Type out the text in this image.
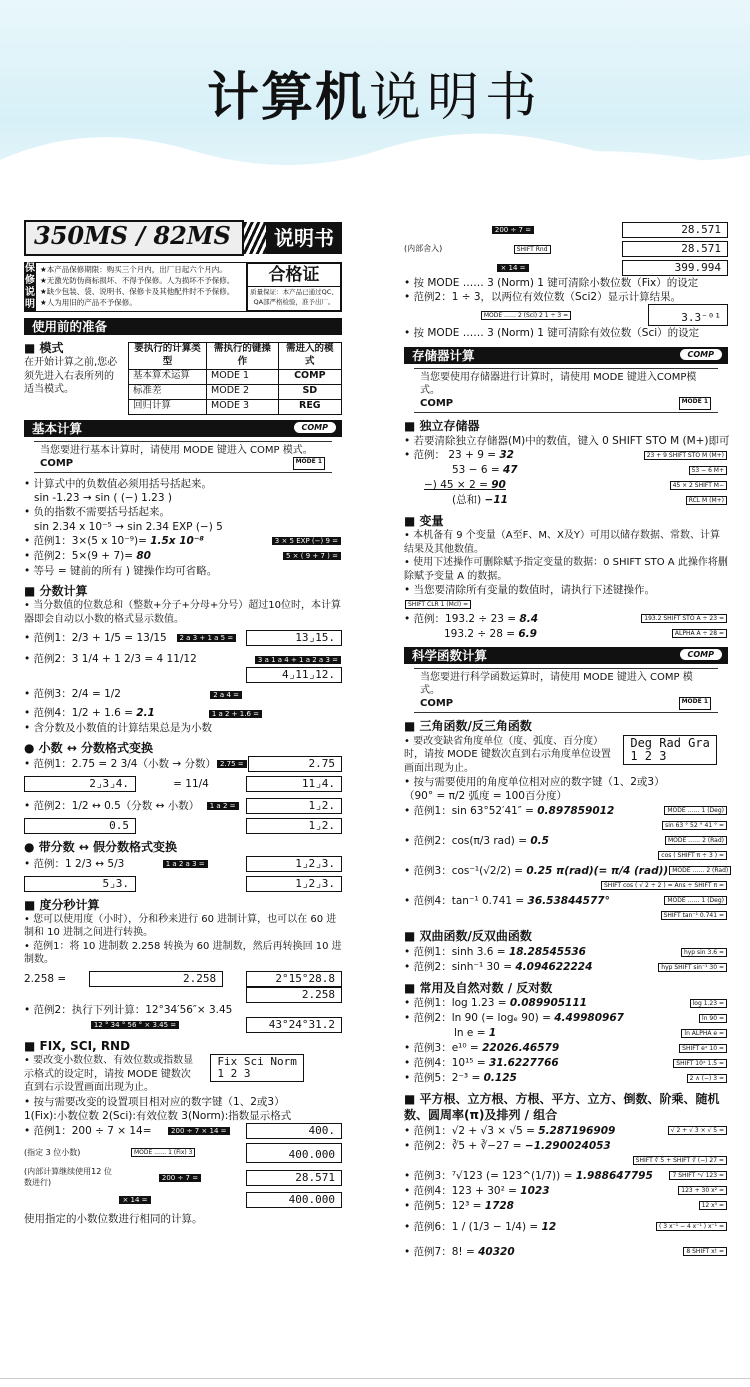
计算机说明书
350MS / 82MS	说明书
保修说明
★本产品保修期限：购买三个月内，出厂日起六个月内。
★无激光防伪商标损坏、不得予保修。人为损坏不予保修。
★缺少包装、袋、说明书、保修卡及其他配件时不予保修。
★人为用旧的产品不予保修。
合格证
质量保证：本产品已通过QC、QA部严格检验，准予出厂。
使用前的准备
■ 模式
在开始计算之前,您必须先进入右表所列的适当模式。
要执行的计算类型	需执行的键操作	需进入的模式
基本算术运算	MODE 1	COMP
标准差	MODE 2	SD
回归计算	MODE 3	REG
基本计算	COMP
当您要进行基本计算时，请使用 MODE 键进入 COMP 模式。
COMP	MODE 1
• 计算式中的负数值必须用括号括起来。
sin -1.23 → sin ( (−) 1.23 )
• 负的指数不需要括号括起来。
sin 2.34 x 10⁻⁵ → sin 2.34 EXP (−) 5
• 范例1：3×(5 x 10⁻⁹)= 1.5x 10⁻⁸	3 × 5 EXP (−) 9 =
• 范例2：5×(9 + 7)= 80	5 × ( 9 + 7 ) =
• 等号 = 键前的所有 ) 键操作均可省略。
■ 分数计算
• 当分数值的位数总和（整数+分子+分母+分号）超过10位时，本计算器即会自动以小数的格式显示数值。
• 范例1：2/3 + 1/5 = 13/15	2 a 3 + 1 a 5 =	13⌟15.
• 范例2：3 1/4 + 1 2/3 = 4 11/12	3 a 1 a 4 + 1 a 2 a 3 =
4⌟11⌟12.
• 范例3：2/4 = 1/2	2 a 4 =
• 范例4：1/2 + 1.6 = 2.1	1 a 2 + 1.6 =
• 含分数及小数值的计算结果总是为小数
● 小数 ↔ 分数格式变换
• 范例1：2.75 = 2 3/4（小数 → 分数） 2.75 =	2.75
2⌟3⌟4.	= 11/4	11⌟4.
• 范例2：1/2 ↔ 0.5（分数 ↔ 小数）	1 a 2 =	1⌟2.
0.5	1⌟2.
● 带分数 ↔ 假分数格式变换
• 范例：1 2/3 ↔ 5/3	1 a 2 a 3 =	1⌟2⌟3.
5⌟3.	1⌟2⌟3.
■ 度分秒计算
• 您可以使用度（小时），分和秒来进行 60 进制计算，也可以在 60 进制和 10 进制之间进行转换。
• 范例1：将 10 进制数 2.258 转换为 60 进制数，然后再转换回 10 进制数。
2.258 =	2.258	2°15°28.8
2.258
• 范例2：执行下列计算：12°34′56″× 3.45
12 ° 34 ° 56 ° × 3.45 =	43°24°31.2
■ FIX, SCI, RND
• 要改变小数位数、有效位数或指数显示格式的设定时，请按 MODE 键数次直到右示设置画面出现为止。
Fix Sci Norm
1 2 3
• 按与需要改变的设置项目相对应的数字键（1、2或3）
1(Fix):小数位数 2(Sci):有效位数 3(Norm):指数显示格式
• 范例1：200 ÷ 7 × 14=	200 ÷ 7 × 14 =	400.
(指定 3 位小数)	MODE …… 1 (Fix) 3	400.000
(内部计算继续使用12 位数进行)	200 ÷ 7 =	28.571
× 14 =	400.000
使用指定的小数位数进行相同的计算。
200 ÷ 7 =	28.571
(内部舍入)	SHIFT Rnd	28.571
× 14 =	399.994
• 按 MODE …… 3 (Norm) 1 键可清除小数位数（Fix）的设定
• 范例2：1 ÷ 3，以两位有效位数（Sci2）显示计算结果。
MODE …… 2 (Sci) 2 1 ÷ 3 =	3.3⁻⁰¹
• 按 MODE …… 3 (Norm) 1 键可清除有效位数（Sci）的设定
存储器计算	COMP
当您要使用存储器进行计算时，请使用 MODE 键进入COMP模式。
COMP	MODE 1
■ 独立存储器
• 若要清除独立存储器(M)中的数值，键入 0 SHIFT STO M (M+)即可
• 范例： 23 + 9 = 32	23 + 9 SHIFT STO M (M+)
53 − 6 = 47	53 − 6 M+
−) 45 × 2 = 90	45 × 2 SHIFT M−
(总和) −11	RCL M (M+)
■ 变量
• 本机备有 9 个变量（A至F、M、X及Y）可用以储存数据、常数、计算结果及其他数值。
• 使用下述操作可删除赋予指定变量的数据：0 SHIFT STO A 此操作将删除赋予变量 A 的数据。
• 当您要清除所有变量的数值时，请执行下述键操作。
SHIFT CLR 1 (Mcl) =
• 范例：193.2 ÷ 23 = 8.4	193.2 SHIFT STO A ÷ 23 =
193.2 ÷ 28 = 6.9	ALPHA A ÷ 28 =
科学函数计算	COMP
当您要进行科学函数运算时，请使用 MODE 键进入 COMP 模式。
COMP	MODE 1
■ 三角函数/反三角函数
• 要改变缺省角度单位（度、弧度、百分度）时，请按 MODE 键数次直到右示角度单位设置画面出现为止。
Deg Rad Gra
1 2 3
• 按与需要使用的角度单位相对应的数字键（1、2或3）
（90° = π/2 弧度 = 100百分度）
• 范例1：sin 63°52′41″ = 0.897859012	MODE …… 1 (Deg)
sin 63 ° 52 ° 41 ° =
• 范例2：cos(π/3 rad) = 0.5	MODE …… 2 (Rad)
cos ( SHIFT π ÷ 3 ) =
• 范例3：cos⁻¹(√2/2) = 0.25 π(rad)(= π/4 (rad)) MODE …… 2 (Rad)
SHIFT cos ( √ 2 ÷ 2 ) = Ans ÷ SHIFT π =
• 范例4：tan⁻¹ 0.741 = 36.53844577°	MODE …… 1 (Deg)
SHIFT tan⁻¹ 0.741 =
■ 双曲函数/反双曲函数
• 范例1：sinh 3.6 = 18.28545536	hyp sin 3.6 =
• 范例2：sinh⁻¹ 30 = 4.094622224	hyp SHIFT sin⁻¹ 30 =
■ 常用及自然对数 / 反对数
• 范例1：log 1.23 = 0.089905111	log 1.23 =
• 范例2：ln 90 (= logₑ 90) = 4.49980967	ln 90 =
ln e = 1	ln ALPHA e =
• 范例3：e¹⁰ = 22026.46579	SHIFT eˣ 10 =
• 范例4：10¹⁵ = 31.6227766	SHIFT 10ˣ 1.5 =
• 范例5：2⁻³ = 0.125	2 ∧ (−) 3 =
■ 平方根、立方根、方根、平方、立方、倒数、阶乘、随机数、圆周率(π)及排列 / 组合
• 范例1：√2 + √3 × √5 = 5.287196909	√ 2 + √ 3 × √ 5 =
• 范例2：∛5 + ∛−27 = −1.290024053
SHIFT ∛ 5 + SHIFT ∛ (−) 27 =
• 范例3：⁷√123 (= 123^(1/7)) = 1.988647795	7 SHIFT ˣ√ 123 =
• 范例4：123 + 30² = 1023	123 + 30 x² =
• 范例5：12³ = 1728	12 x³ =
• 范例6：1 / (1/3 − 1/4) = 12	( 3 x⁻¹ − 4 x⁻¹ ) x⁻¹ =
• 范例7：8! = 40320	8 SHIFT x! =
